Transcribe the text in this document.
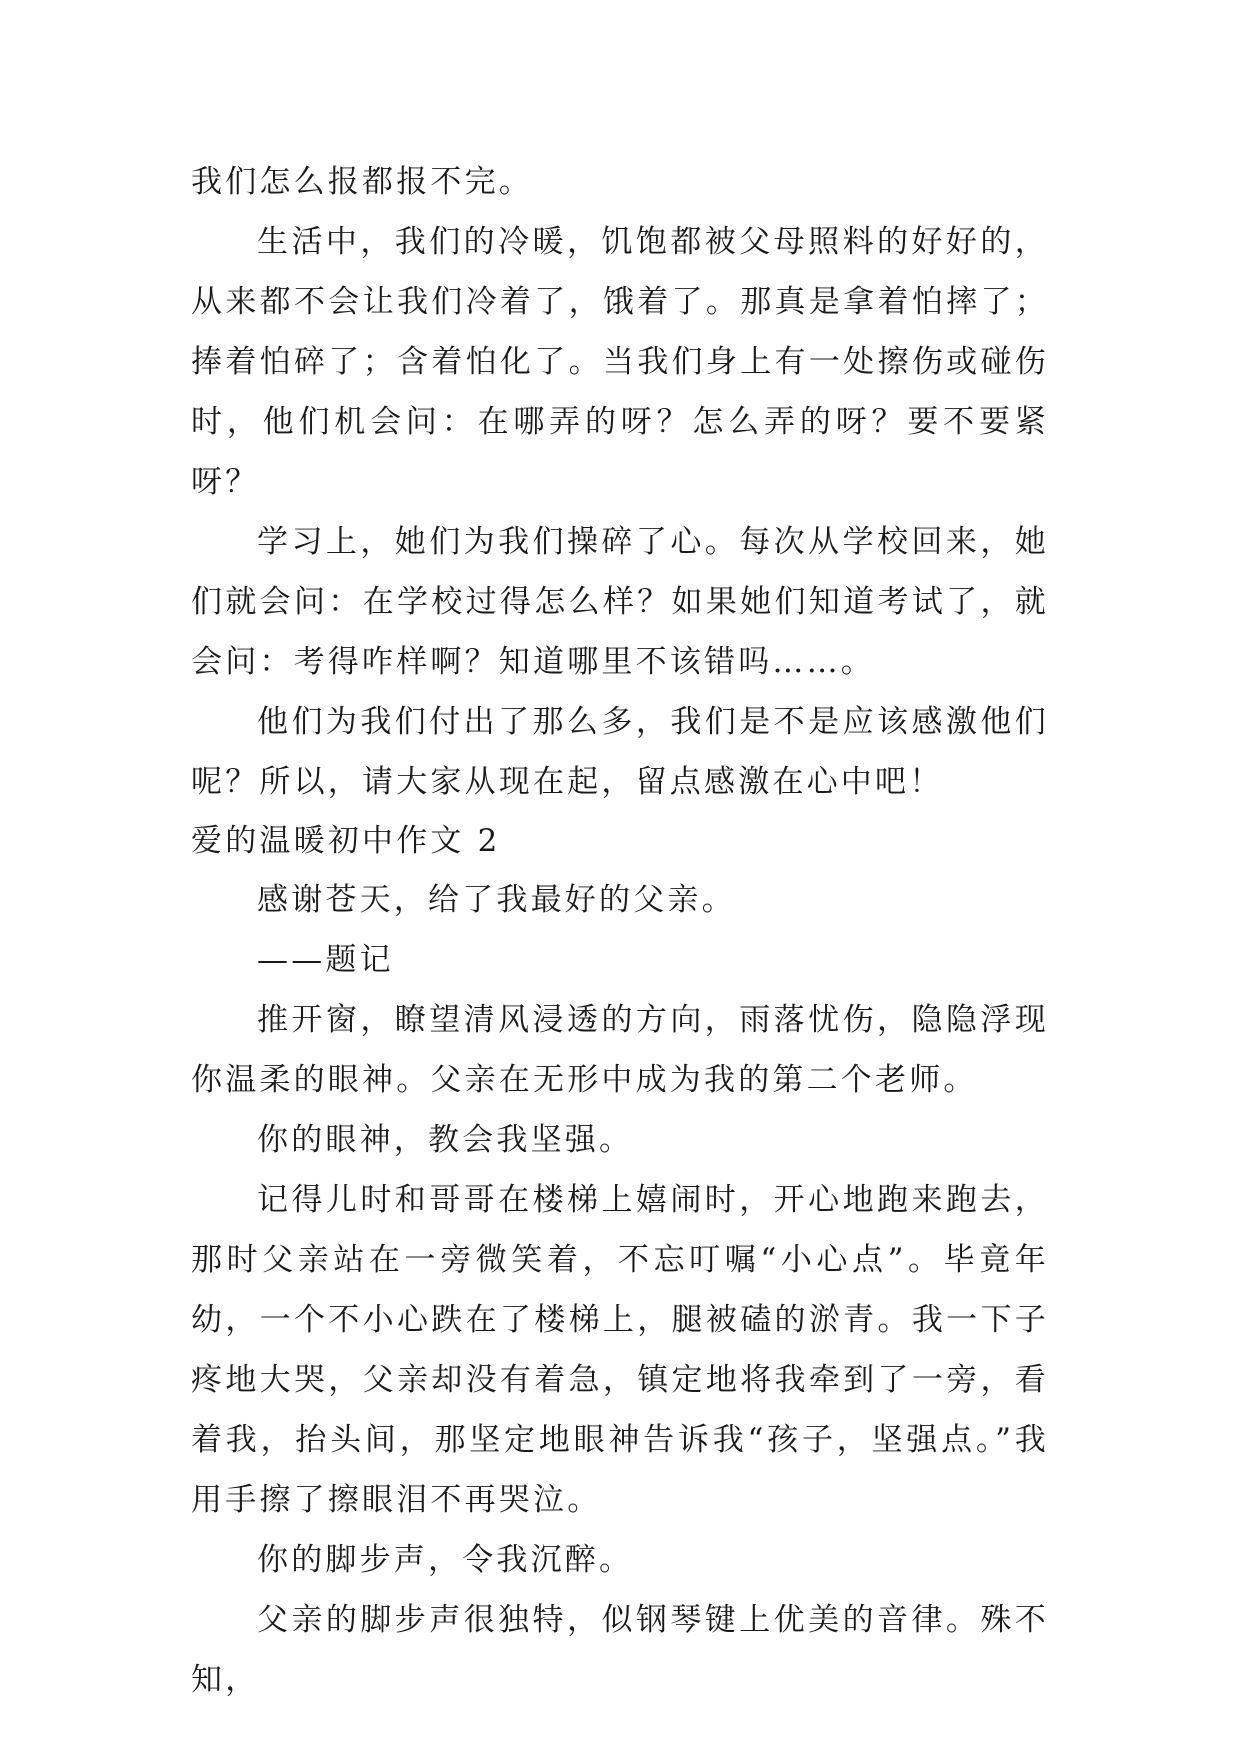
我们怎么报都报不完。

生活中，我们的冷暖，饥饱都被父母照料的好好的，从来都不会让我们冷着了，饿着了。那真是拿着怕摔了；捧着怕碎了；含着怕化了。当我们身上有一处擦伤或碰伤时，他们机会问：在哪弄的呀？怎么弄的呀？要不要紧呀？

学习上，她们为我们操碎了心。每次从学校回来，她们就会问：在学校过得怎么样？如果她们知道考试了，就会问：考得咋样啊？知道哪里不该错吗……。

他们为我们付出了那么多，我们是不是应该感激他们呢？所以，请大家从现在起，留点感激在心中吧！

爱的温暖初中作文 2

感谢苍天，给了我最好的父亲。

——题记

推开窗，瞭望清风浸透的方向，雨落忧伤，隐隐浮现你温柔的眼神。父亲在无形中成为我的第二个老师。

你的眼神，教会我坚强。

记得儿时和哥哥在楼梯上嬉闹时，开心地跑来跑去，那时父亲站在一旁微笑着，不忘叮嘱“小心点”。毕竟年幼，一个不小心跌在了楼梯上，腿被磕的淤青。我一下子疼地大哭，父亲却没有着急，镇定地将我牵到了一旁，看着我，抬头间，那坚定地眼神告诉我“孩子，坚强点。”我用手擦了擦眼泪不再哭泣。

你的脚步声，令我沉醉。

父亲的脚步声很独特，似钢琴键上优美的音律。殊不知，
